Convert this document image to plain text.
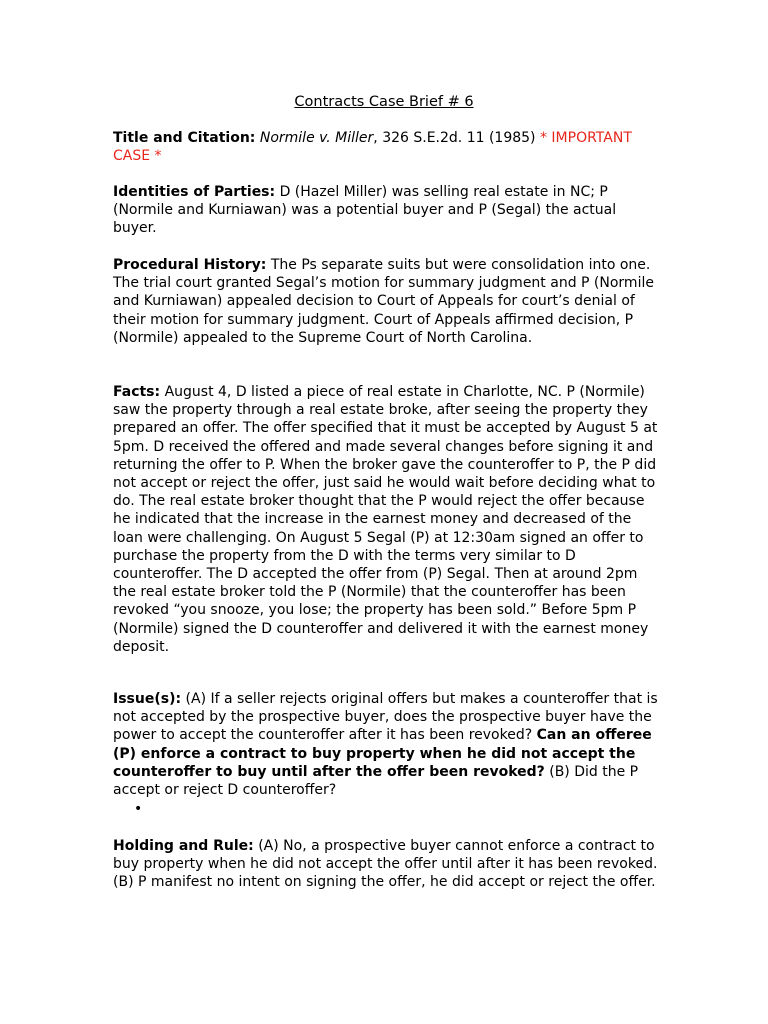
Contracts Case Brief # 6

Title and Citation: Normile v. Miller, 326 S.E.2d. 11 (1985) * IMPORTANT CASE *

Identities of Parties: D (Hazel Miller) was selling real estate in NC; P (Normile and Kurniawan) was a potential buyer and P (Segal) the actual buyer.

Procedural History: The Ps separate suits but were consolidation into one. The trial court granted Segal’s motion for summary judgment and P (Normile and Kurniawan) appealed decision to Court of Appeals for court’s denial of their motion for summary judgment. Court of Appeals affirmed decision, P (Normile) appealed to the Supreme Court of North Carolina.

Facts: August 4, D listed a piece of real estate in Charlotte, NC. P (Normile) saw the property through a real estate broke, after seeing the property they prepared an offer. The offer specified that it must be accepted by August 5 at 5pm. D received the offered and made several changes before signing it and returning the offer to P. When the broker gave the counteroffer to P, the P did not accept or reject the offer, just said he would wait before deciding what to do. The real estate broker thought that the P would reject the offer because he indicated that the increase in the earnest money and decreased of the loan were challenging. On August 5 Segal (P) at 12:30am signed an offer to purchase the property from the D with the terms very similar to D counteroffer. The D accepted the offer from (P) Segal. Then at around 2pm the real estate broker told the P (Normile) that the counteroffer has been revoked “you snooze, you lose; the property has been sold.” Before 5pm P (Normile) signed the D counteroffer and delivered it with the earnest money deposit.

Issue(s): (A) If a seller rejects original offers but makes a counteroffer that is not accepted by the prospective buyer, does the prospective buyer have the power to accept the counteroffer after it has been revoked? Can an offeree (P) enforce a contract to buy property when he did not accept the counteroffer to buy until after the offer been revoked? (B) Did the P accept or reject D counteroffer?

•

Holding and Rule: (A) No, a prospective buyer cannot enforce a contract to buy property when he did not accept the offer until after it has been revoked. (B) P manifest no intent on signing the offer, he did accept or reject the offer.
